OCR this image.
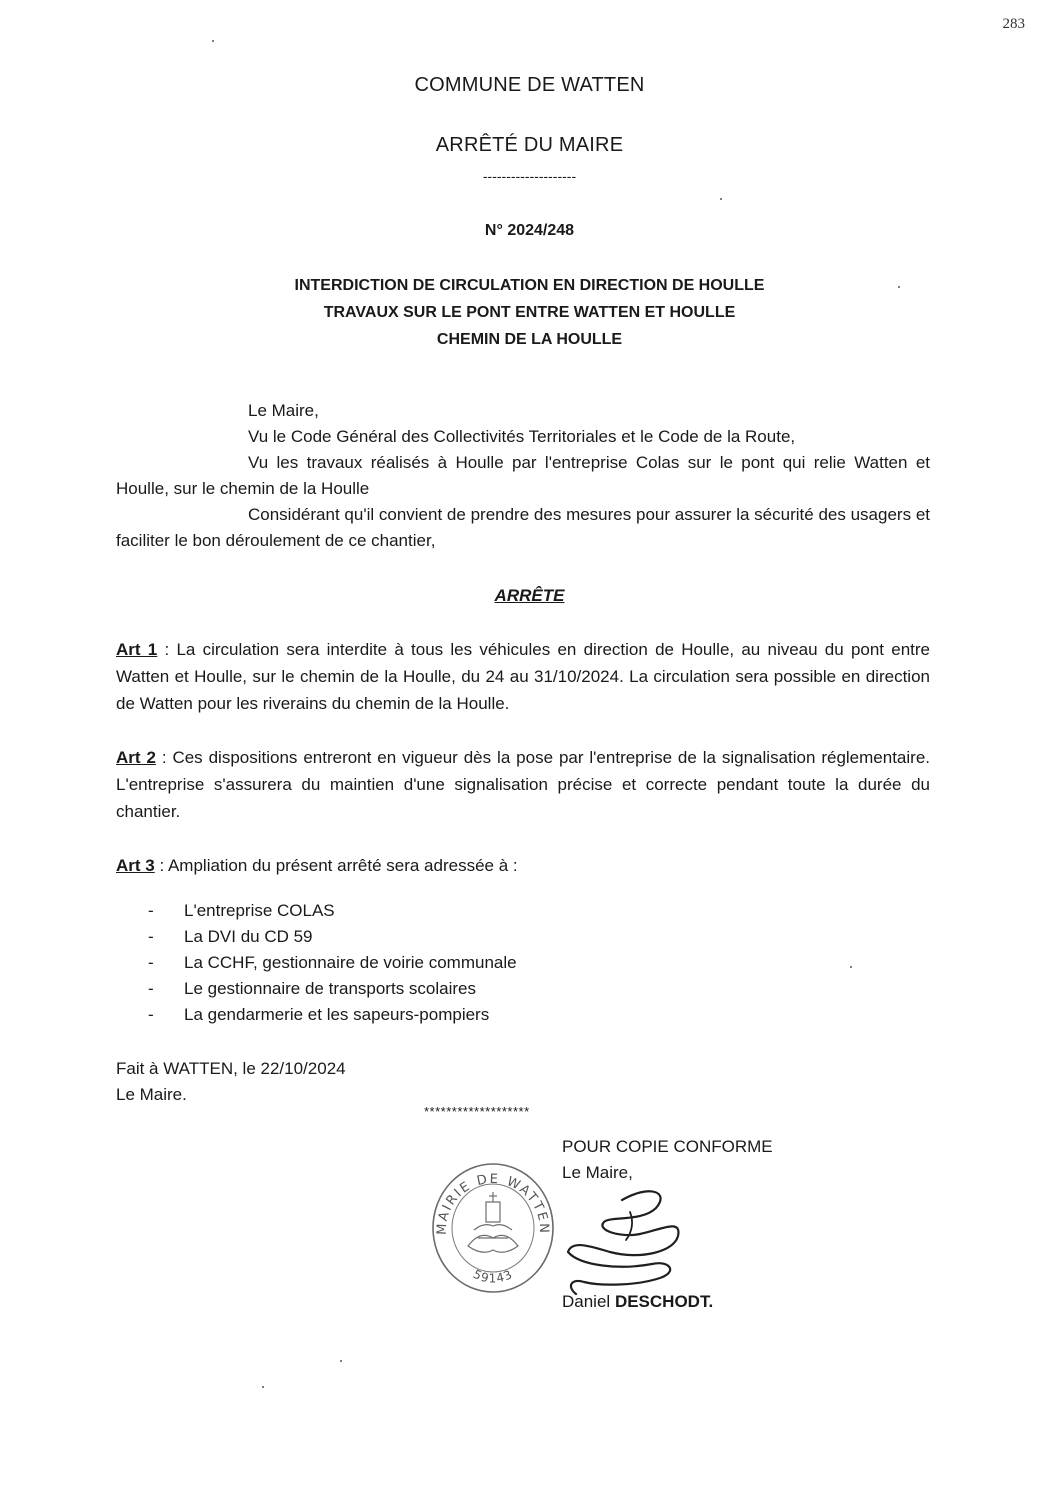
283
COMMUNE DE WATTEN
ARRÊTÉ DU MAIRE
--------------------
N° 2024/248
INTERDICTION DE CIRCULATION EN DIRECTION DE HOULLE
TRAVAUX SUR LE PONT ENTRE WATTEN ET HOULLE
CHEMIN DE LA HOULLE

Le Maire,

Vu le Code Général des Collectivités Territoriales et le Code de la Route,

Vu les travaux réalisés à Houlle par l'entreprise Colas sur le pont qui relie Watten et Houlle, sur le chemin de la Houlle

Considérant qu'il convient de prendre des mesures pour assurer la sécurité des usagers et faciliter le bon déroulement de ce chantier,

ARRÊTE

Art 1 : La circulation sera interdite à tous les véhicules en direction de Houlle, au niveau du pont entre Watten et Houlle, sur le chemin de la Houlle, du 24 au 31/10/2024. La circulation sera possible en direction de Watten pour les riverains du chemin de la Houlle.

Art 2 : Ces dispositions entreront en vigueur dès la pose par l'entreprise de la signalisation réglementaire. L'entreprise s'assurera du maintien d'une signalisation précise et correcte pendant toute la durée du chantier.

Art 3 : Ampliation du présent arrêté sera adressée à :

-	L'entreprise COLAS
-	La DVI du CD 59
-	La CCHF, gestionnaire de voirie communale
-	Le gestionnaire de transports scolaires
-	La gendarmerie et les sapeurs-pompiers
Fait à WATTEN, le 22/10/2024
Le Maire.
*******************
POUR COPIE CONFORME
Le Maire,
MAIRIE DE WATTEN
59143
Daniel DESCHODT.
